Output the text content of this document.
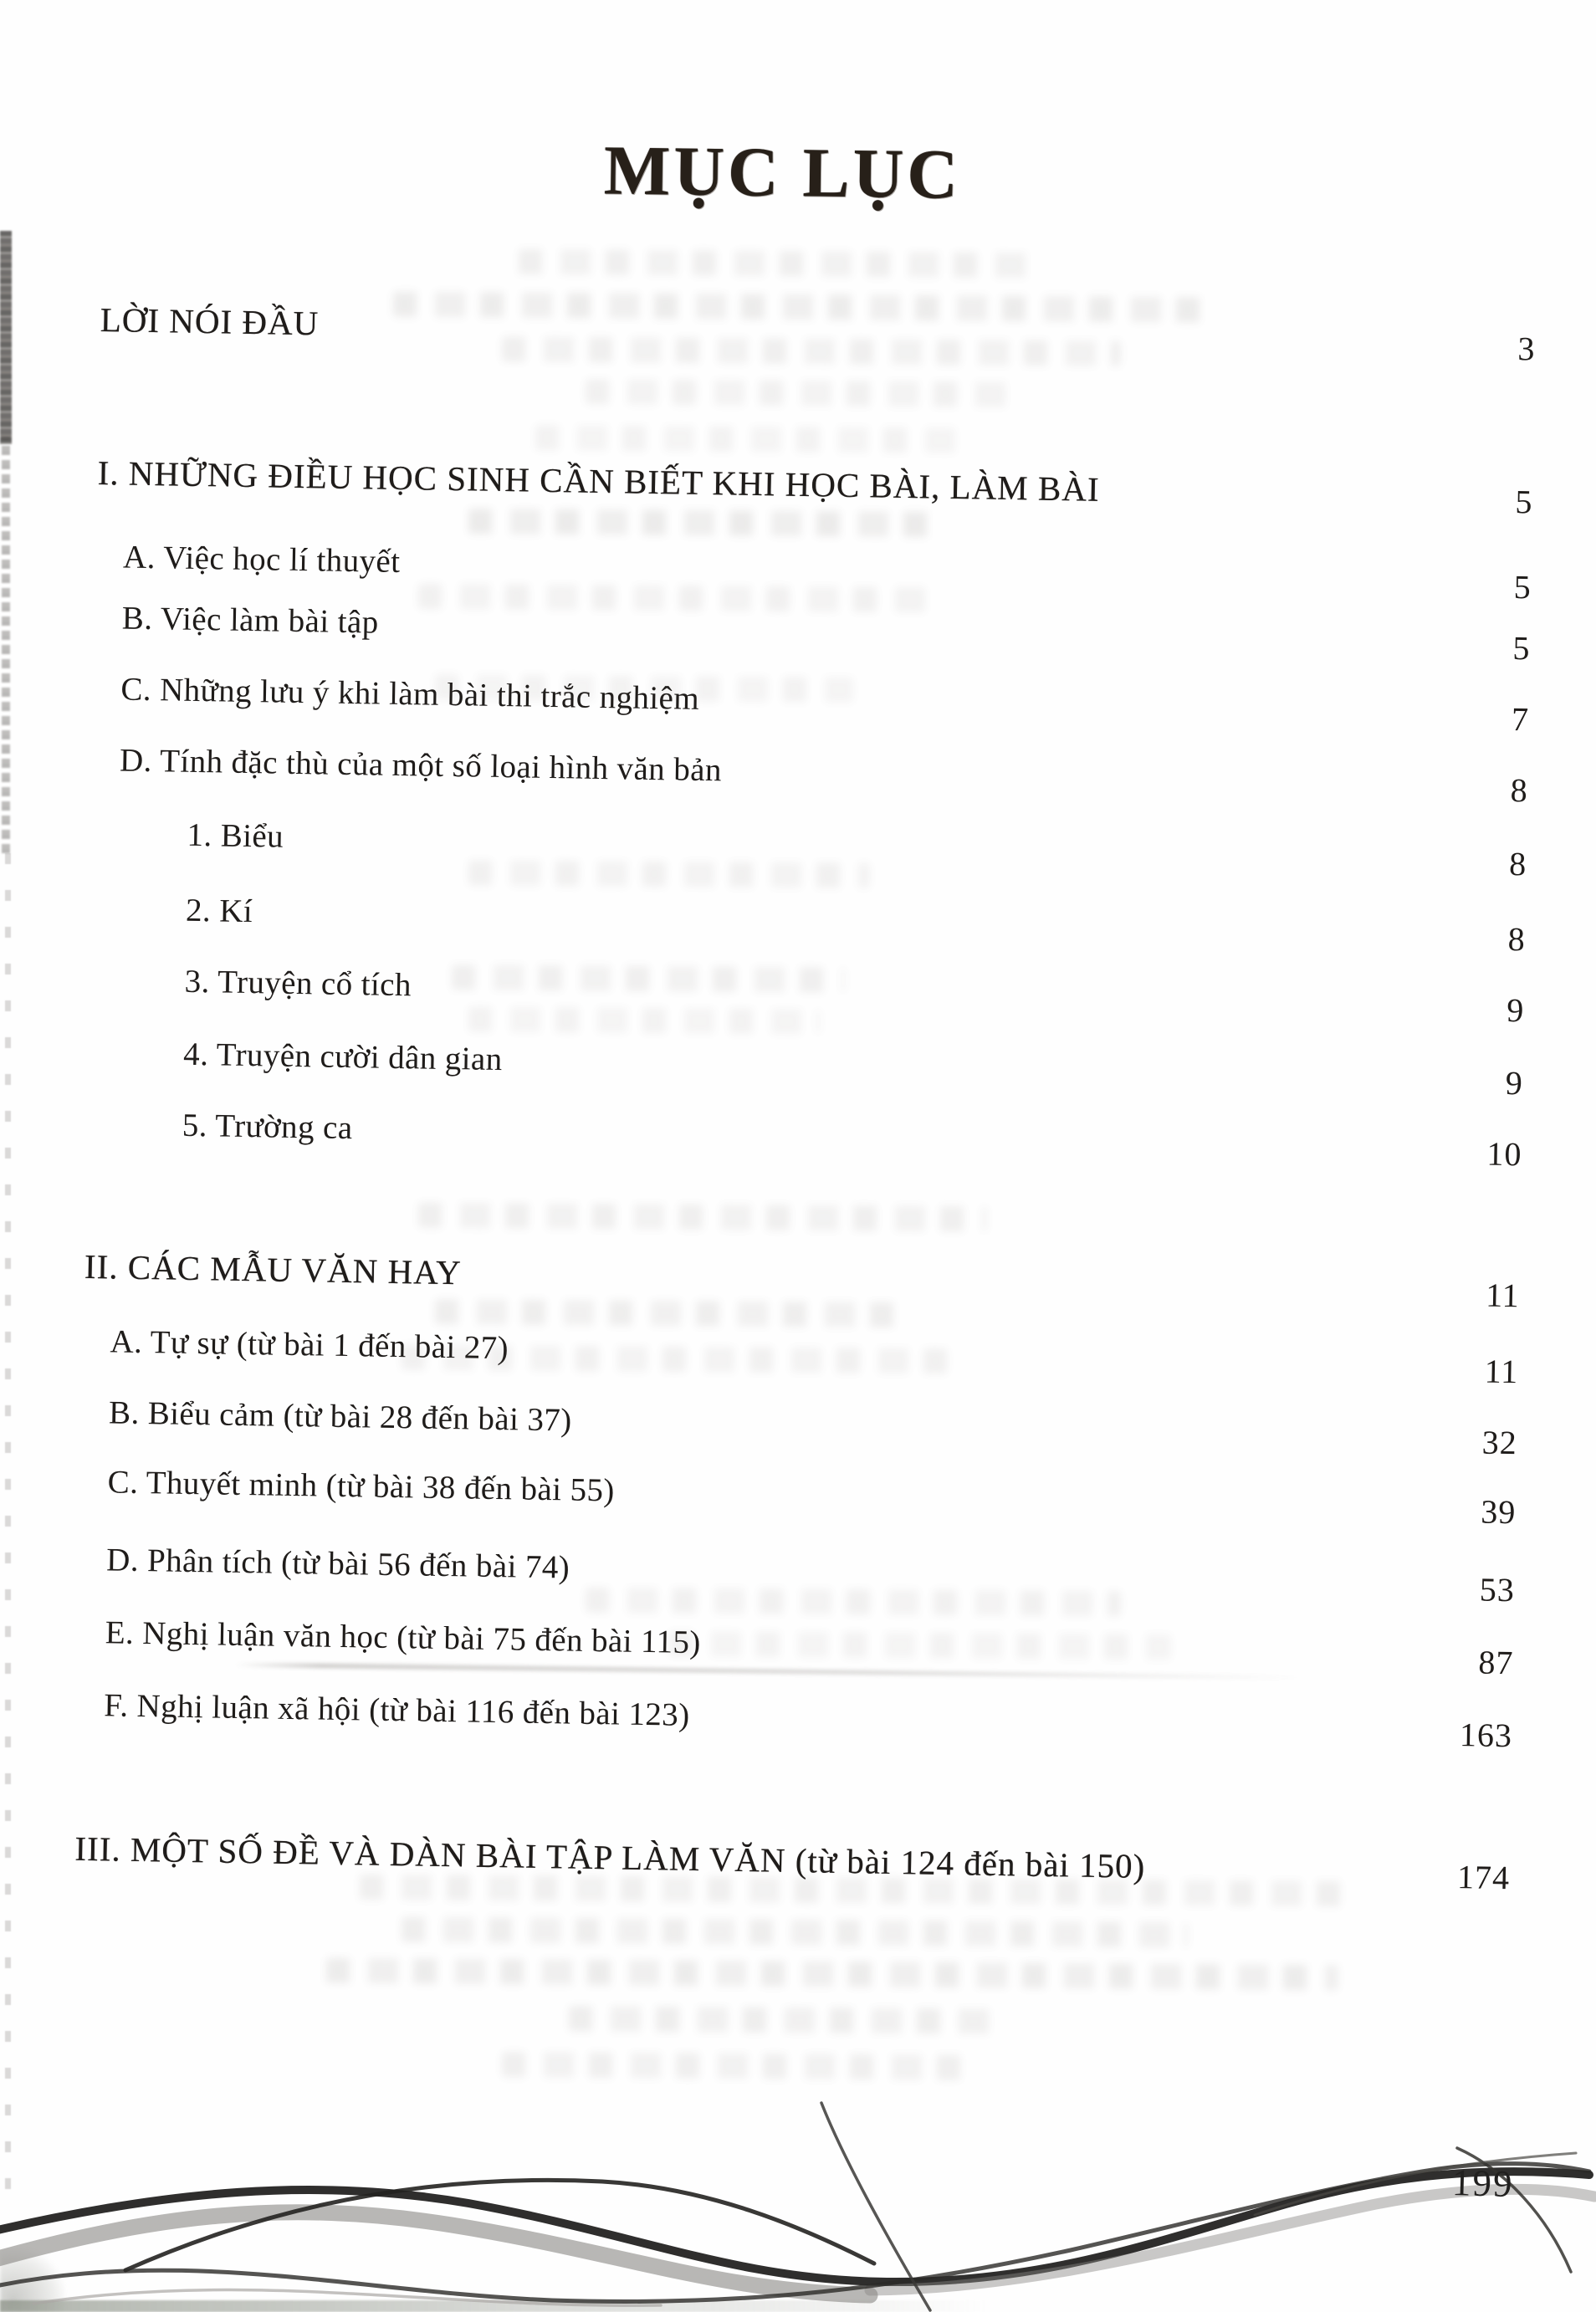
MỤC LỤC
LỜI NÓI ĐẦU
3
I. NHỮNG ĐIỀU HỌC SINH CẦN BIẾT KHI HỌC BÀI, LÀM BÀI	5
A. Việc học lí thuyết
5
B. Việc làm bài tập
5
C. Những lưu ý khi làm bài thi trắc nghiệm
7
D. Tính đặc thù của một số loại hình văn bản
8
1. Biểu
8
2. Kí
8
3. Truyện cổ tích
9
4. Truyện cười dân gian
9
5. Trường ca
10
II. CÁC MẪU VĂN HAY
11
A. Tự sự (từ bài 1 đến bài 27)
11
B. Biểu cảm (từ bài 28 đến bài 37)
32
C. Thuyết minh (từ bài 38 đến bài 55)
39
D. Phân tích (từ bài 56 đến bài 74)
53
E. Nghị luận văn học (từ bài 75 đến bài 115)
87
F. Nghị luận xã hội (từ bài 116 đến bài 123)
163
III. MỘT SỐ ĐỀ VÀ DÀN BÀI TẬP LÀM VĂN (từ bài 124 đến bài 150)	174
199
